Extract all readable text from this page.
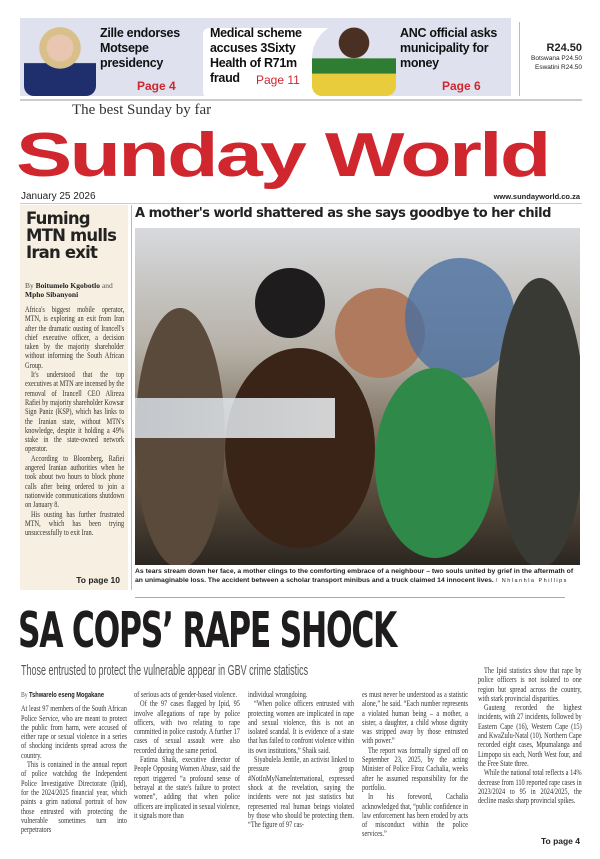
Zille endorses Motsepe presidency
Page 4
Medical scheme accuses 3Sixty Health of R71m fraud	Page 11
ANC official asks municipality for money
Page 6
R24.50
Botswana P24.50
Eswatini R24.50
The best Sunday by far
Sunday World
January 25 2026	www.sundayworld.co.za
Fuming MTN mulls Iran exit
By Boitumelo Kgobotlo and Mpho Sibanyoni

Africa's biggest mobile operator, MTN, is exploring an exit from Iran after the dramatic ousting of Irancell's chief executive officer, a decision taken by the majority shareholder without informing the South African Group.

It's understood that the top executives at MTN are incensed by the removal of Irancell CEO Alireza Rafiei by majority shareholder Kowsar Sign Paniz (KSP), which has links to the Iranian state, without MTN's knowledge, despite it holding a 49% stake in the state-owned network operator.

According to Bloomberg, Rafiei angered Iranian authorities when he took about two hours to block phone calls after being ordered to join a nationwide communications shutdown on January 8.

His ousting has further frustrated MTN, which has been trying unsuccessfully to exit Iran.

To page 10
A mother's world shattered as she says goodbye to her child
As tears stream down her face, a mother clings to the comforting embrace of a neighbour – two souls united by grief in the aftermath of an unimaginable loss. The accident between a scholar transport minibus and a truck claimed 14 innocent lives. / Nhlanhla Phillips
SA COPS’ RAPE SHOCK
Those entrusted to protect the vulnerable appear in GBV crime statistics
By Tshwarelo eseng Mogakane

At least 97 members of the South African Police Service, who are meant to protect the public from harm, were accused of either rape or sexual violence in a series of shocking incidents spread across the country.

This is contained in the annual report of police watchdog the Independent Police Investigative Directorate (Ipid), for the 2024/2025 financial year, which paints a grim national portrait of how those entrusted with protecting the vulnerable sometimes turn into perpetrators

of serious acts of gender-based violence.

Of the 97 cases flagged by Ipid, 95 involve allegations of rape by police officers, with two relating to rape committed in police custody. A further 17 cases of sexual assault were also recorded during the same period.

Fatima Shaik, executive director of People Opposing Women Abuse, said the report triggered “a profound sense of betrayal at the state's failure to protect women”, adding that when police officers are implicated in sexual violence, it signals more than

individual wrongdoing.

“When police officers entrusted with protecting women are implicated in rape and sexual violence, this is not an isolated scandal. It is evidence of a state that has failed to confront violence within its own institutions,” Shaik said.

Siyabulela Jentile, an activist linked to pressure group #NotInMyNameInternational, expressed shock at the revelation, saying the incidents were not just statistics but represented real human beings violated by those who should be protecting them. “The figure of 97 cas-

es must never be understood as a statistic alone,” he said. “Each number represents a violated human being – a mother, a sister, a daughter, a child whose dignity was stripped away by those entrusted with power.”

The report was formally signed off on September 23, 2025, by the acting Minister of Police Firoz Cachalia, weeks after he assumed responsibility for the portfolio.

In his foreword, Cachalia acknowledged that, “public confidence in law enforcement has been eroded by acts of misconduct within the police services.”

The Ipid statistics show that rape by police officers is not isolated to one region but spread across the country, with stark provincial disparities.

Gauteng recorded the highest incidents, with 27 incidents, followed by Eastern Cape (16), Western Cape (15) and KwaZulu-Natal (10). Northern Cape recorded eight cases, Mpumalanga and Limpopo six each, North West four, and the Free State three.

While the national total reflects a 14% decrease from 110 reported rape cases in 2023/2024 to 95 in 2024/2025, the decline masks sharp provincial spikes.

To page 4
